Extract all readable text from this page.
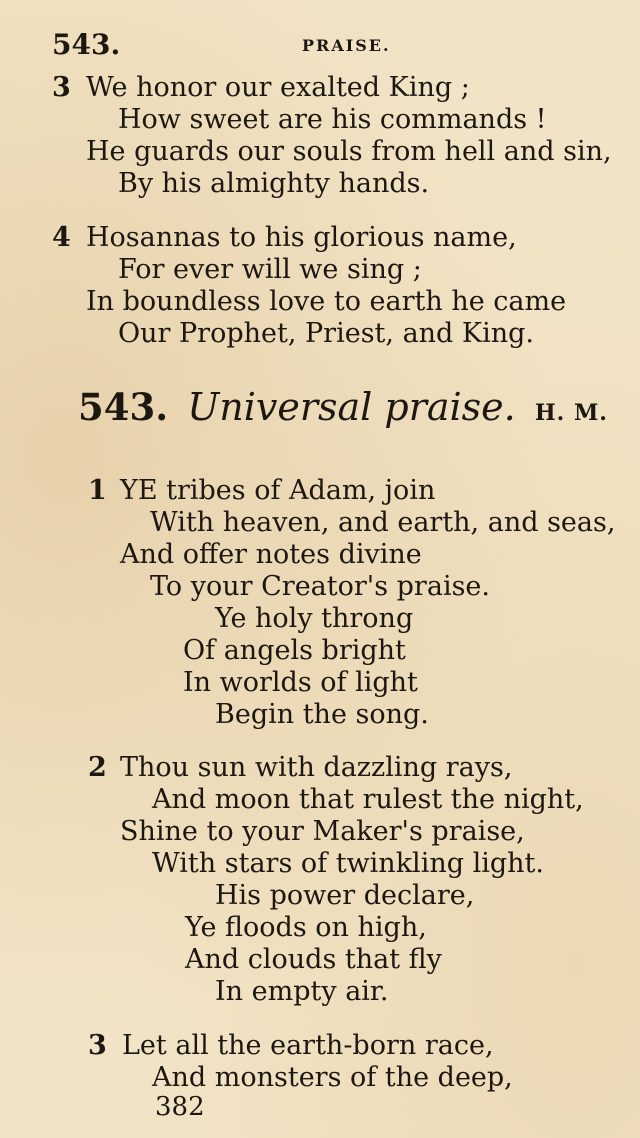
543.	PRAISE.
3 We honor our exalted King ;
How sweet are his commands !
He guards our souls from hell and sin,
By his almighty hands.
4 Hosannas to his glorious name,
For ever will we sing ;
In boundless love to earth he came
Our Prophet, Priest, and King.
543. Universal praise. H. M.
1 YE tribes of Adam, join
With heaven, and earth, and seas,
And offer notes divine
To your Creator's praise.
Ye holy throng
Of angels bright
In worlds of light
Begin the song.
2 Thou sun with dazzling rays,
And moon that rulest the night,
Shine to your Maker's praise,
With stars of twinkling light.
His power declare,
Ye floods on high,
And clouds that fly
In empty air.
3 Let all the earth-born race,
And monsters of the deep,
382
